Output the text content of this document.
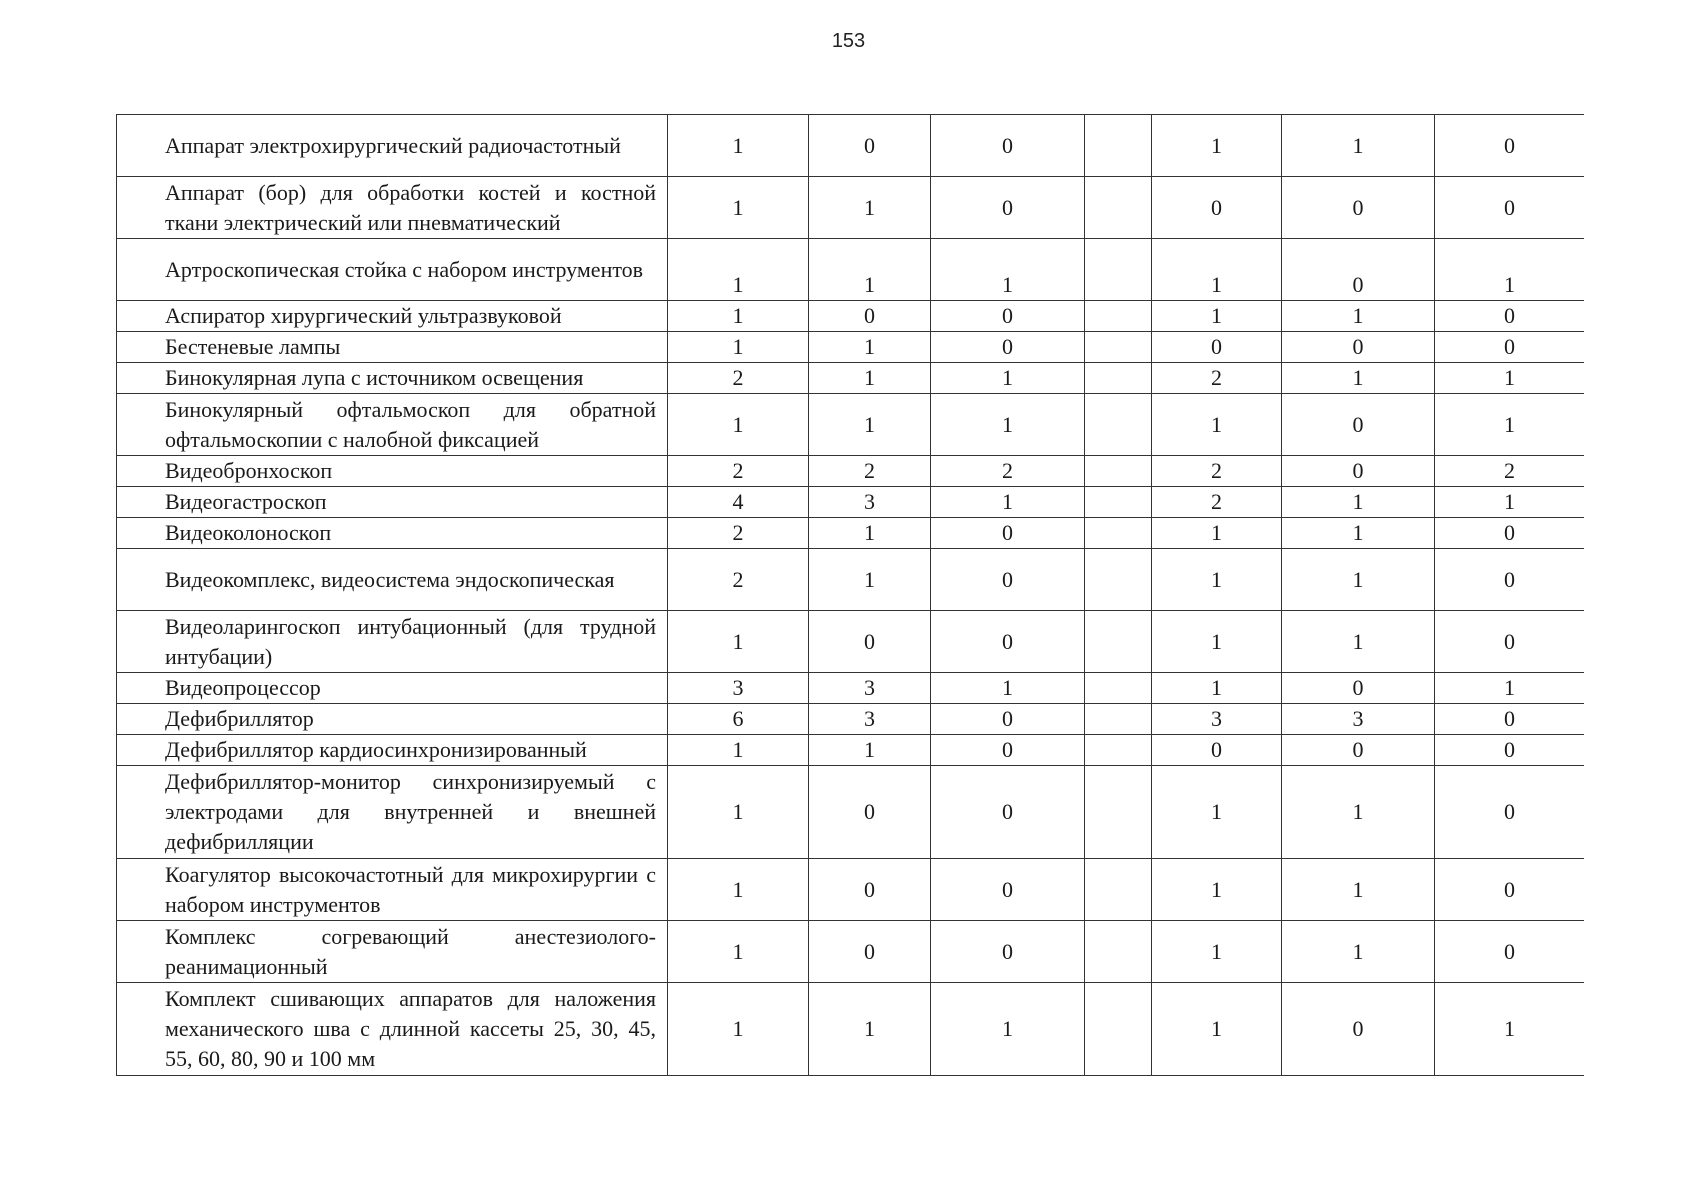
153
Аппарат электрохирургический радиочастотный	1	0	0		1	1	0
Аппарат (бор) для обработки костей и костной ткани электрический или пневматический	1	1	0		0	0	0
Артроскопическая стойка с набором инструментов	1	1	1		1	0	1
Аспиратор хирургический ультразвуковой	1	0	0		1	1	0
Бестеневые лампы	1	1	0		0	0	0
Бинокулярная лупа с источником освещения	2	1	1		2	1	1
Бинокулярный офтальмоскоп для обратной офтальмоскопии с налобной фиксацией	1	1	1		1	0	1
Видеобронхоскоп	2	2	2		2	0	2
Видеогастроскоп	4	3	1		2	1	1
Видеоколоноскоп	2	1	0		1	1	0
Видеокомплекс, видеосистема эндоскопическая	2	1	0		1	1	0
Видеоларингоскоп интубационный (для трудной интубации)	1	0	0		1	1	0
Видеопроцессор	3	3	1		1	0	1
Дефибриллятор	6	3	0		3	3	0
Дефибриллятор кардиосинхронизированный	1	1	0		0	0	0
Дефибриллятор-монитор синхронизируемый с электродами для внутренней и внешней дефибрилляции	1	0	0		1	1	0
Коагулятор высокочастотный для микрохирургии с набором инструментов	1	0	0		1	1	0
Комплекс согревающий анестезиолого-реанимационный	1	0	0		1	1	0
Комплект сшивающих аппаратов для наложения механического шва с длинной кассеты 25, 30, 45, 55, 60, 80, 90 и 100 мм	1	1	1		1	0	1
